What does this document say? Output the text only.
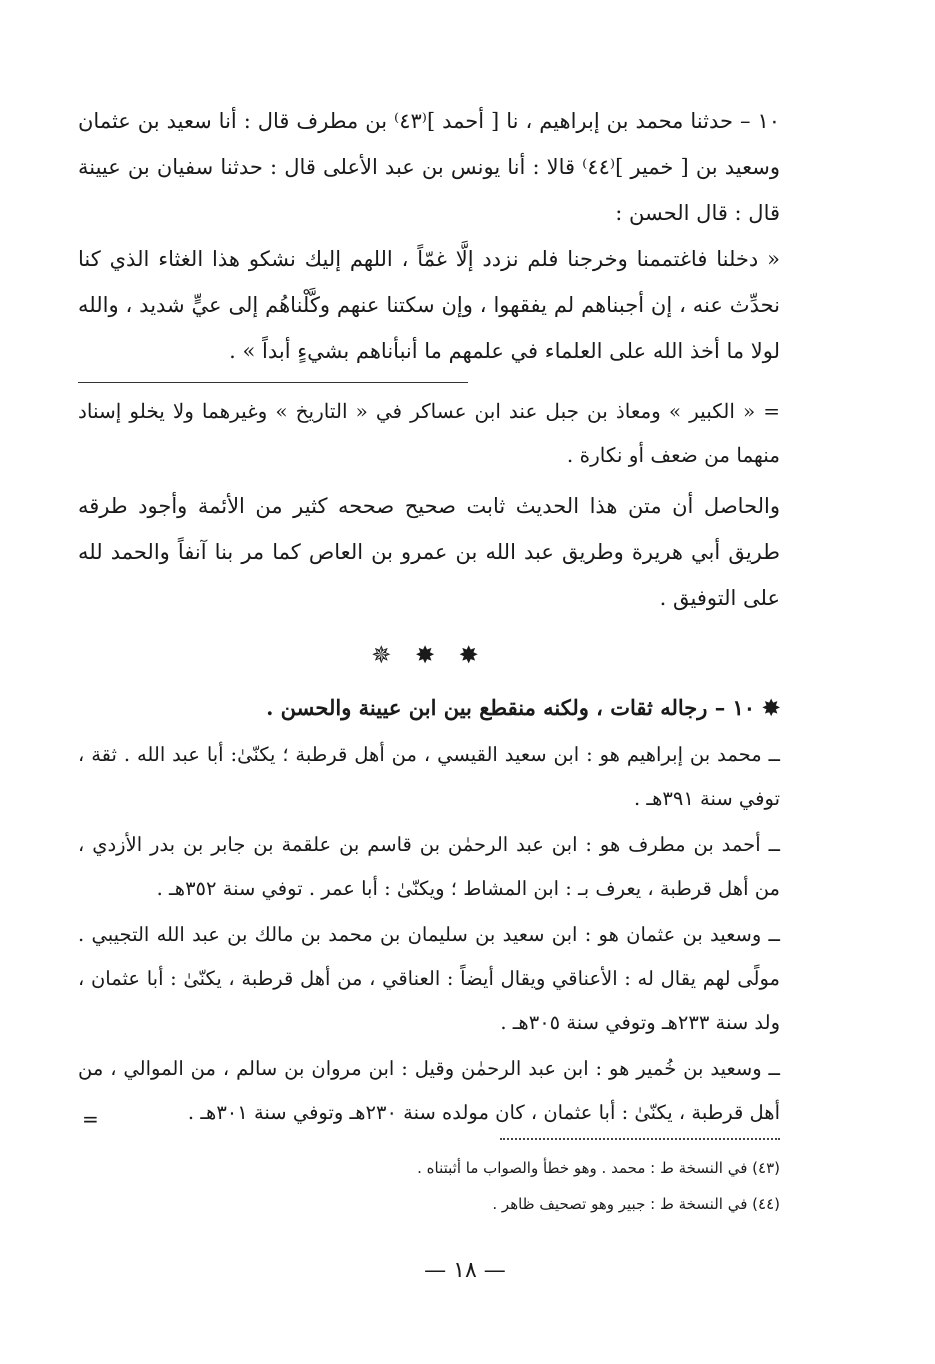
١٠ – حدثنا محمد بن إبراهيم ، نا [ أحمد ]⁽٤٣⁾ بن مطرف قال : أنا سعيد بن عثمان وسعيد بن [ خمير ]⁽٤٤⁾ قالا : أنا يونس بن عبد الأعلى قال : حدثنا سفيان بن عيينة قال : قال الحسن :

« دخلنا فاغتممنا وخرجنا فلم نزدد إلَّا غمّاً ، اللهم إليك نشكو هذا الغثاء الذي كنا نحدِّث عنه ، إن أجبناهم لم يفقهوا ، وإن سكتنا عنهم وكَّلْناهُم إلى عيٍّ شديد ، والله لولا ما أخذ الله على العلماء في علمهم ما أنبأناهم بشيءٍ أبداً » .

= « الكبير » ومعاذ بن جبل عند ابن عساكر في « التاريخ » وغيرهما ولا يخلو إسناد منهما من ضعف أو نكارة .

والحاصل أن متن هذا الحديث ثابت صحيح صححه كثير من الأئمة وأجود طرقه طريق أبي هريرة وطريق عبد الله بن عمرو بن العاص كما مر بنا آنفاً والحمد لله على التوفيق .

✸ ✸ ✵

✸ ١٠ – رجاله ثقات ، ولكنه منقطع بين ابن عيينة والحسن .

ــ محمد بن إبراهيم هو : ابن سعيد القيسي ، من أهل قرطبة ؛ يكنّىٰ: أبا عبد الله . ثقة ، توفي سنة ٣٩١هـ .

ــ أحمد بن مطرف هو : ابن عبد الرحمٰن بن قاسم بن علقمة بن جابر بن بدر الأزدي ، من أهل قرطبة ، يعرف بـ : ابن المشاط ؛ ويكنّىٰ : أبا عمر . توفي سنة ٣٥٢هـ .

ــ وسعيد بن عثمان هو : ابن سعيد بن سليمان بن محمد بن مالك بن عبد الله التجيبي . مولًى لهم يقال له : الأعناقي ويقال أيضاً : العناقي ، من أهل قرطبة ، يكنّىٰ : أبا عثمان ، ولد سنة ٢٣٣هـ وتوفي سنة ٣٠٥هـ .

ــ وسعيد بن خُمير هو : ابن عبد الرحمٰن وقيل : ابن مروان بن سالم ، من الموالي ، من أهل قرطبة ، يكنّىٰ : أبا عثمان ، كان مولده سنة ٢٣٠هـ وتوفي سنة ٣٠١هـ .

=
(٤٣) في النسخة ط : محمد . وهو خطأ والصواب ما أثبتناه .
(٤٤) في النسخة ط : جبير وهو تصحيف ظاهر .
— ١٨ —
